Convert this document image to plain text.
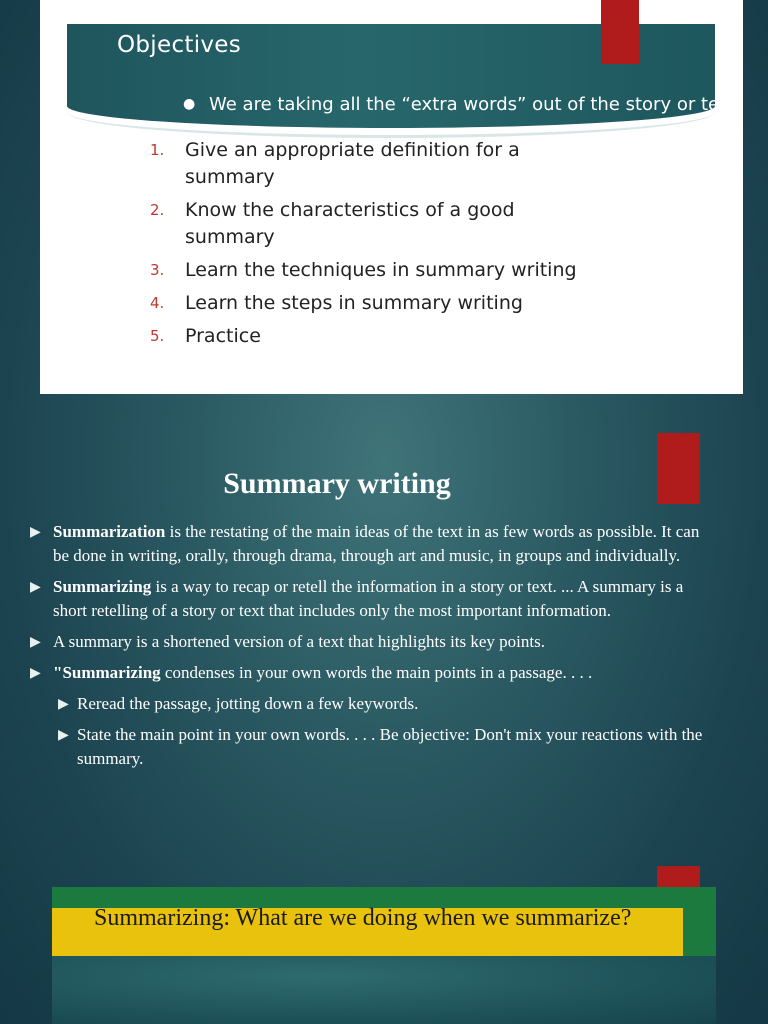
Objectives
1.	Give an appropriate definition for a summary
2.	Know the characteristics of a good summary
3.	Learn the techniques in summary writing
4.	Learn the steps in summary writing
5.	Practice
Summary writing
▶ Summarization is the restating of the main ideas of the text in as few words as possible. It can be done in writing, orally, through drama, through art and music, in groups and individually.
▶ Summarizing is a way to recap or retell the information in a story or text. ... A summary is a short retelling of a story or text that includes only the most important information.
▶ A summary is a shortened version of a text that highlights its key points.
▶ "Summarizing condenses in your own words the main points in a passage. . . .
▶ Reread the passage, jotting down a few keywords.
▶ State the main point in your own words. . . . Be objective: Don't mix your reactions with the summary.
Summarizing: What are we doing when we summarize?
● We are taking all the “extra words” out of the story or text.
